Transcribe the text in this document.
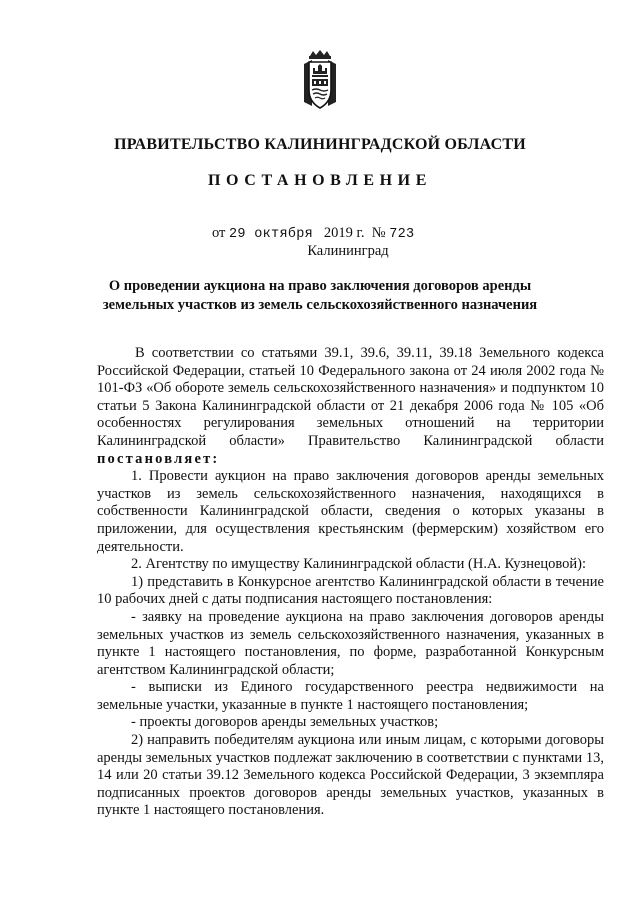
ПРАВИТЕЛЬСТВО КАЛИНИНГРАДСКОЙ ОБЛАСТИ
ПОСТАНОВЛЕНИЕ
от 29 октября 2019 г. № 723
Калининград
О проведении аукциона на право заключения договоров аренды
земельных участков из земель сельскохозяйственного назначения

В соответствии со статьями 39.1, 39.6, 39.11, 39.18 Земельного кодекса Российской Федерации, статьей 10 Федерального закона от 24 июля 2002 года № 101-ФЗ «Об обороте земель сельскохозяйственного назначения» и подпунктом 10 статьи 5 Закона Калининградской области от 21 декабря 2006 года № 105 «Об особенностях регулирования земельных отношений на территории Калининградской области» Правительство Калининградской области постановляет:

1. Провести аукцион на право заключения договоров аренды земельных участков из земель сельскохозяйственного назначения, находящихся в собственности Калининградской области, сведения о которых указаны в приложении, для осуществления крестьянским (фермерским) хозяйством его деятельности.

2. Агентству по имуществу Калининградской области (Н.А. Кузнецовой):

1) представить в Конкурсное агентство Калининградской области в течение 10 рабочих дней с даты подписания настоящего постановления:

- заявку на проведение аукциона на право заключения договоров аренды земельных участков из земель сельскохозяйственного назначения, указанных в пункте 1 настоящего постановления, по форме, разработанной Конкурсным агентством Калининградской области;

- выписки из Единого государственного реестра недвижимости на земельные участки, указанные в пункте 1 настоящего постановления;

- проекты договоров аренды земельных участков;

2) направить победителям аукциона или иным лицам, с которыми договоры аренды земельных участков подлежат заключению в соответствии с пунктами 13, 14 или 20 статьи 39.12 Земельного кодекса Российской Федерации, 3 экземпляра подписанных проектов договоров аренды земельных участков, указанных в пункте 1 настоящего постановления.
